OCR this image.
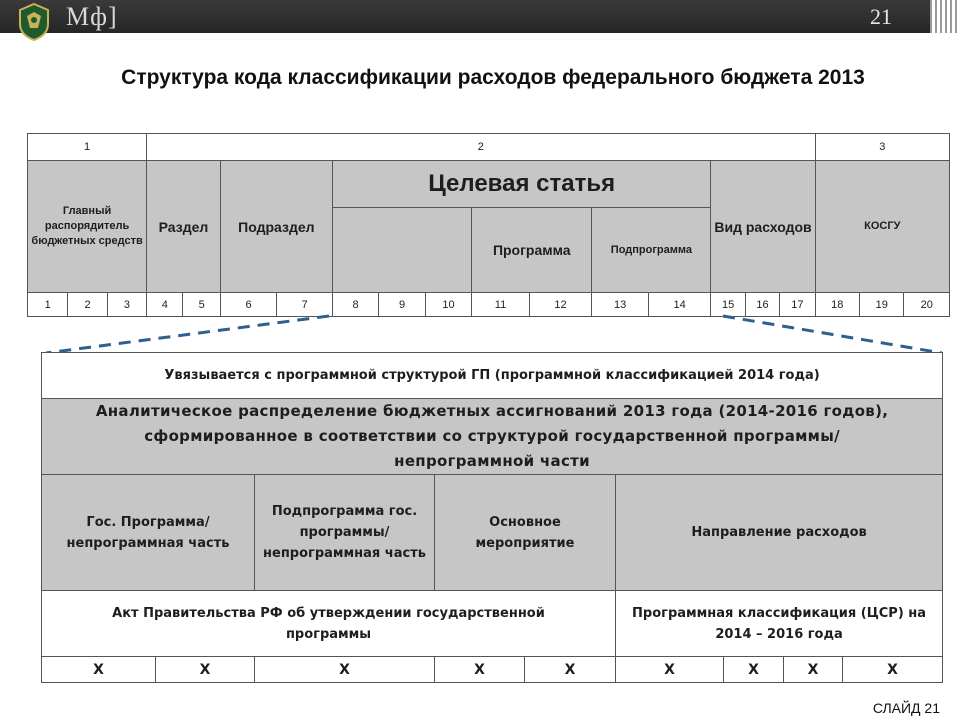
Мф]	21
Структура кода классификации расходов федерального бюджета 2013
1			2														3		
Главный распорядитель бюджетных средств			Раздел		Подраздел		Целевая статья							Вид расходов			КОСГУ		
										Программа		Подпрограмма							
1	2	3	4	5	6	7	8	9	10	11	12	13	14	15	16	17	18	19	20
Увязывается с программной структурой ГП (программной классификацией 2014 года)								
Аналитическое распределение бюджетных ассигнований 2013 года (2014-2016 годов), сформированное в соответствии со структурой государственной программы/непрограммной части								
Гос. Программа/ непрограммная часть		Подпрограмма гос. программы/ непрограммная часть	Основное мероприятие		Направление расходов			
Акт Правительства РФ об утверждении государственной программы					Программная классификация (ЦСР) на 2014 – 2016 года			
X	X	X	X	X	X	X	X	X
СЛАЙД 21
